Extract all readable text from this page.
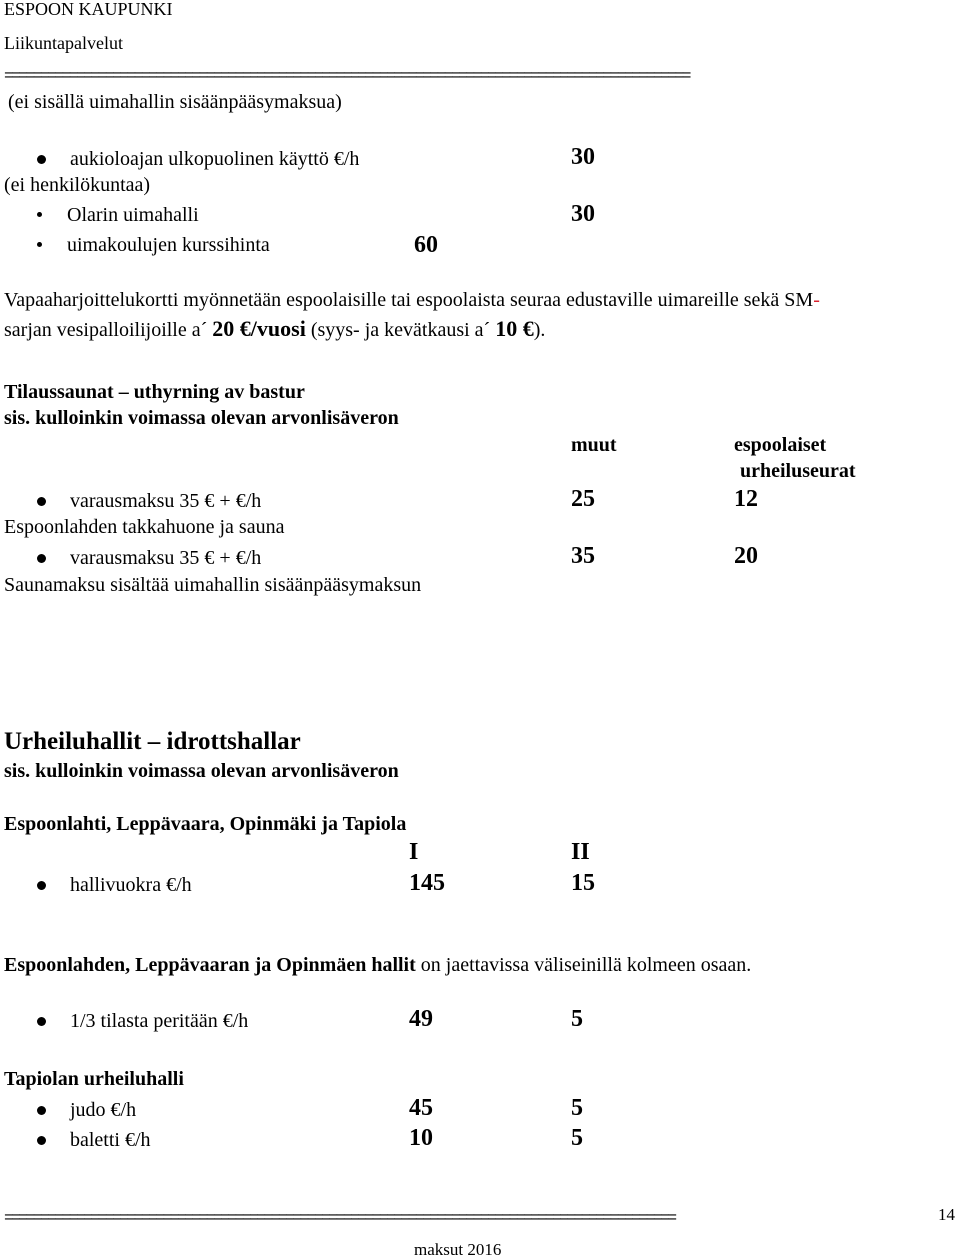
ESPOON KAUPUNKI
Liikuntapalvelut
===============================================================================================
(ei sisällä uimahallin sisäänpääsymaksua)
aukioloajan ulkopuolinen käyttö €/h	30
(ei henkilökuntaa)
Olarin uimahalli	30
uimakoulujen kurssihinta	60
Vapaaharjoittelukortti myönnetään espoolaisille tai espoolaista seuraa edustaville uimareille sekä SM-
sarjan vesipalloilijoille a´ 20 €/vuosi (syys- ja kevätkausi a´ 10 €).
Tilaussaunat – uthyrning av bastur
sis. kulloinkin voimassa olevan arvonlisäveron
muut	espoolaiset
urheiluseurat
varausmaksu 35 € + €/h	25	12
Espoonlahden takkahuone ja sauna
varausmaksu 35 € + €/h	35	20
Saunamaksu sisältää uimahallin sisäänpääsymaksun
Urheiluhallit – idrottshallar
sis. kulloinkin voimassa olevan arvonlisäveron
Espoonlahti, Leppävaara, Opinmäki ja Tapiola
I	II
hallivuokra €/h	145	15
Espoonlahden, Leppävaaran ja Opinmäen hallit on jaettavissa väliseinillä kolmeen osaan.
1/3 tilasta peritään €/h	49	5
Tapiolan urheiluhalli
judo €/h	45	5
baletti €/h	10	5
=============================================================================================	14
maksut 2016
